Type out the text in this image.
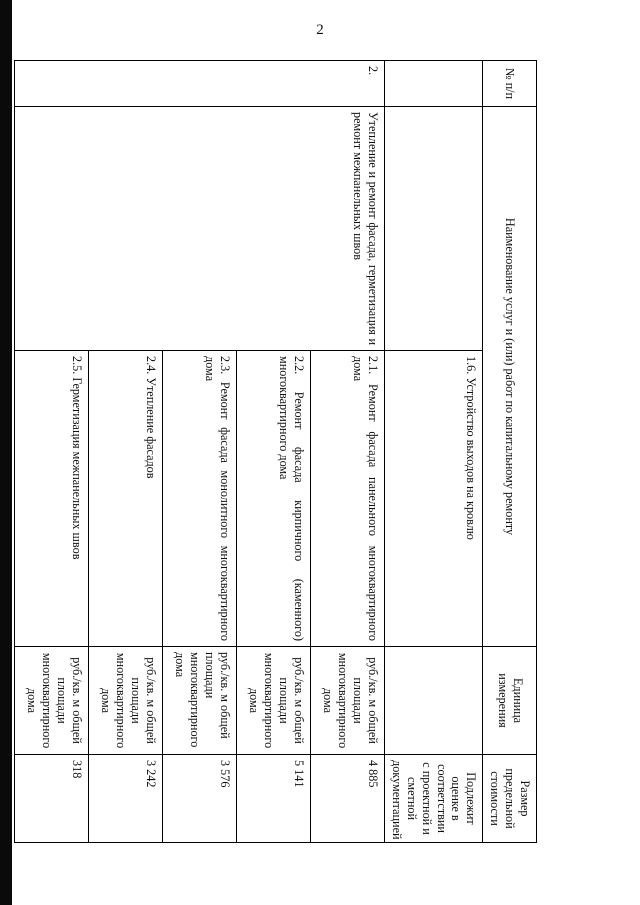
2
№ п/п	Наименование услуг и (или) работ по капитальному ремонту		Единица измерения	Размер предельной стоимости
		1.6. Устройство выходов на кровлю		Подлежит оценке в соответствии с проектной и сметной документацией
2.	Утепление и ремонт фасада, герметизация и ремонт межпанельных швов	2.1. Ремонт фасада панельного многоквартирного дома	руб./кв. м общей площади многоквартирного дома	4 885
		2.2. Ремонт фасада кирпичного (каменного) многоквартирного дома	руб./кв. м общей площади многоквартирного дома	5 141
		2.3. Ремонт фасада монолитного многоквартирного дома	руб./кв. м общей площади многоквартирного дома	3 576
		2.4. Утепление фасадов	руб./кв. м общей площади многоквартирного дома	3 242
		2.5. Герметизация межпанельных швов	руб./кв. м общей площади многоквартирного дома	318
